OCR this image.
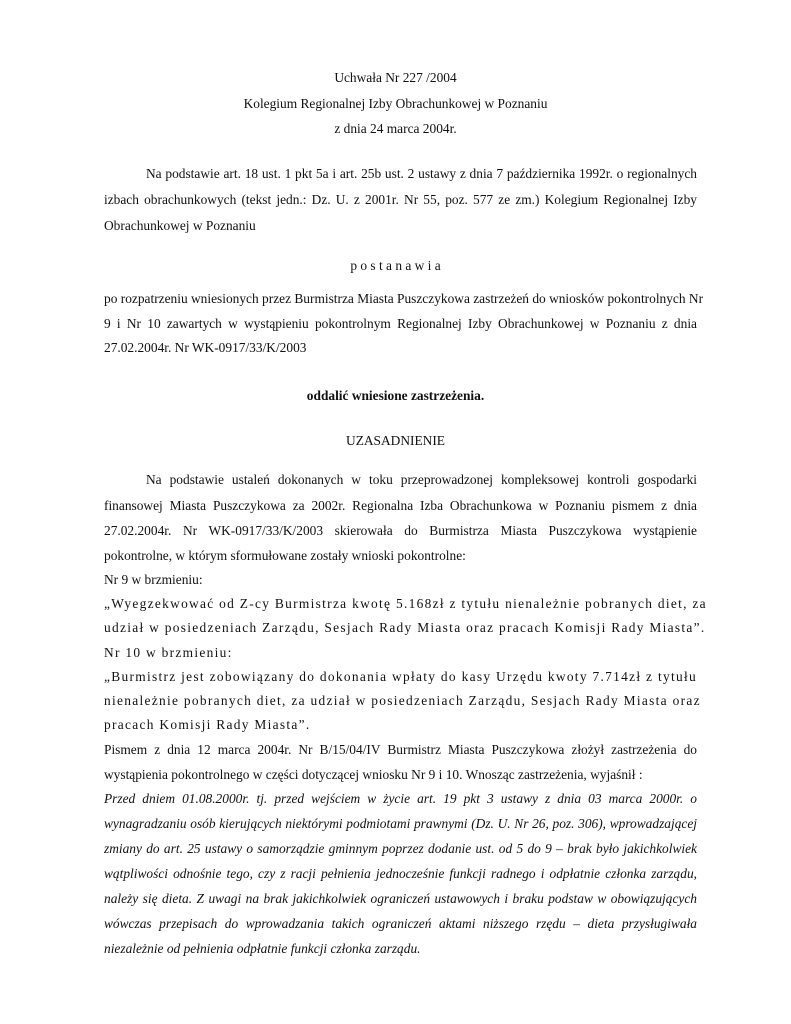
Uchwała Nr 227 /2004
Kolegium Regionalnej Izby Obrachunkowej w Poznaniu
z dnia 24 marca 2004r.
Na podstawie art. 18 ust. 1 pkt 5a i art. 25b ust. 2 ustawy z dnia 7 października 1992r. o regionalnych
izbach obrachunkowych (tekst jedn.: Dz. U. z 2001r. Nr 55, poz. 577 ze zm.) Kolegium Regionalnej Izby
Obrachunkowej w Poznaniu
p o s t a n a w i a
po rozpatrzeniu wniesionych przez Burmistrza Miasta Puszczykowa zastrzeżeń do wniosków pokontrolnych Nr
9 i Nr 10 zawartych w wystąpieniu pokontrolnym Regionalnej Izby Obrachunkowej w Poznaniu z dnia
27.02.2004r. Nr WK-0917/33/K/2003
oddalić wniesione zastrzeżenia.
UZASADNIENIE
Na podstawie ustaleń dokonanych w toku przeprowadzonej kompleksowej kontroli gospodarki
finansowej Miasta Puszczykowa za 2002r. Regionalna Izba Obrachunkowa w Poznaniu pismem z dnia
27.02.2004r. Nr WK-0917/33/K/2003 skierowała do Burmistrza Miasta Puszczykowa wystąpienie
pokontrolne, w którym sformułowane zostały wnioski pokontrolne:
Nr 9 w brzmieniu:
„Wyegzekwować od Z-cy Burmistrza kwotę 5.168zł z tytułu nienależnie pobranych diet, za
udział w posiedzeniach Zarządu, Sesjach Rady Miasta oraz pracach Komisji Rady Miasta”.
Nr 10 w brzmieniu:
„Burmistrz jest zobowiązany do dokonania wpłaty do kasy Urzędu kwoty 7.714zł z tytułu
nienależnie pobranych diet, za udział w posiedzeniach Zarządu, Sesjach Rady Miasta oraz
pracach Komisji Rady Miasta”.
Pismem z dnia 12 marca 2004r. Nr B/15/04/IV Burmistrz Miasta Puszczykowa złożył zastrzeżenia do
wystąpienia pokontrolnego w części dotyczącej wniosku Nr 9 i 10. Wnosząc zastrzeżenia, wyjaśnił :
Przed dniem 01.08.2000r. tj. przed wejściem w życie art. 19 pkt 3 ustawy z dnia 03 marca 2000r. o
wynagradzaniu osób kierujących niektórymi podmiotami prawnymi (Dz. U. Nr 26, poz. 306), wprowadzającej
zmiany do art. 25 ustawy o samorządzie gminnym poprzez dodanie ust. od 5 do 9 – brak było jakichkolwiek
wątpliwości odnośnie tego, czy z racji pełnienia jednocześnie funkcji radnego i odpłatnie członka zarządu,
należy się dieta. Z uwagi na brak jakichkolwiek ograniczeń ustawowych i braku podstaw w obowiązujących
wówczas przepisach do wprowadzania takich ograniczeń aktami niższego rzędu – dieta przysługiwała
niezależnie od pełnienia odpłatnie funkcji członka zarządu.
